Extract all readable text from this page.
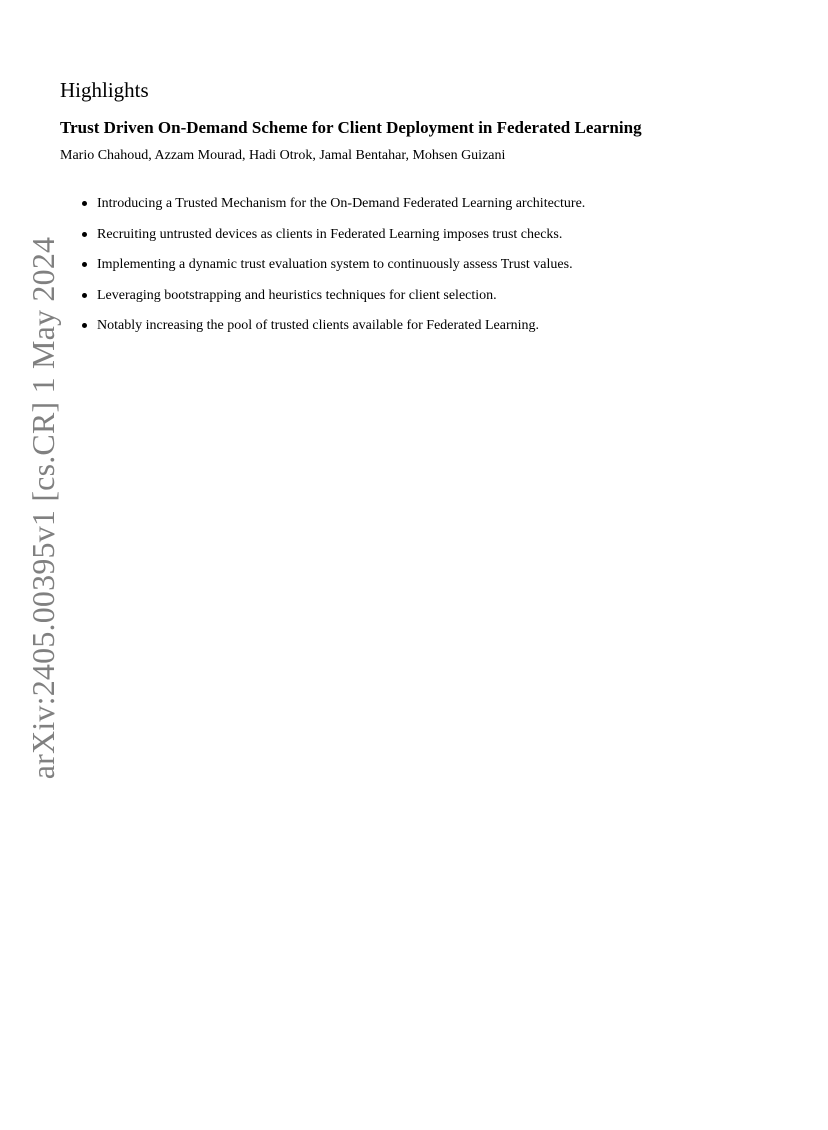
arXiv:2405.00395v1 [cs.CR] 1 May 2024
Highlights
Trust Driven On-Demand Scheme for Client Deployment in Federated Learning

Mario Chahoud, Azzam Mourad, Hadi Otrok, Jamal Bentahar, Mohsen Guizani

Introducing a Trusted Mechanism for the On-Demand Federated Learning architecture.
Recruiting untrusted devices as clients in Federated Learning imposes trust checks.
Implementing a dynamic trust evaluation system to continuously assess Trust values.
Leveraging bootstrapping and heuristics techniques for client selection.
Notably increasing the pool of trusted clients available for Federated Learning.
